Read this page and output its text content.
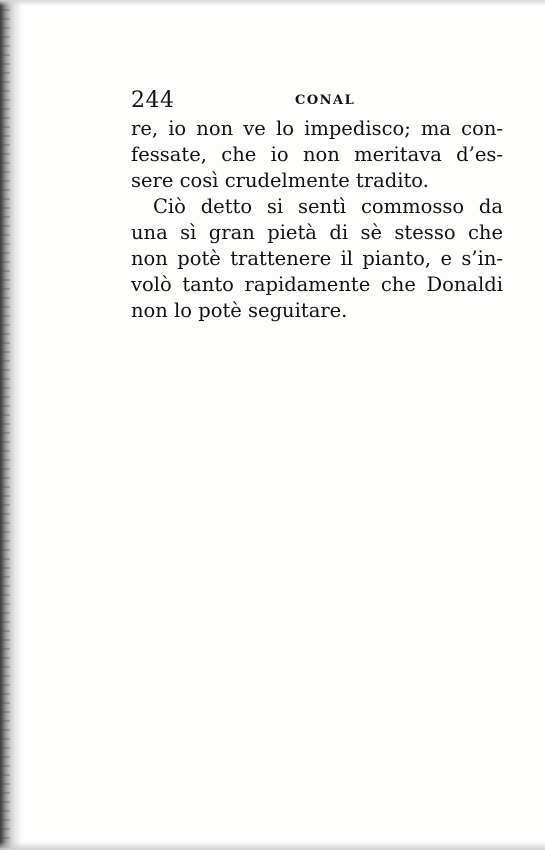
244	CONAL
re, io non ve lo impedisco; ma con-
fessate, che io non meritava d’es-
sere così crudelmente tradito.
Ciò detto si sentì commosso da
una sì gran pietà di sè stesso che
non potè trattenere il pianto, e s’in-
volò tanto rapidamente che Donaldi
non lo potè seguitare.
